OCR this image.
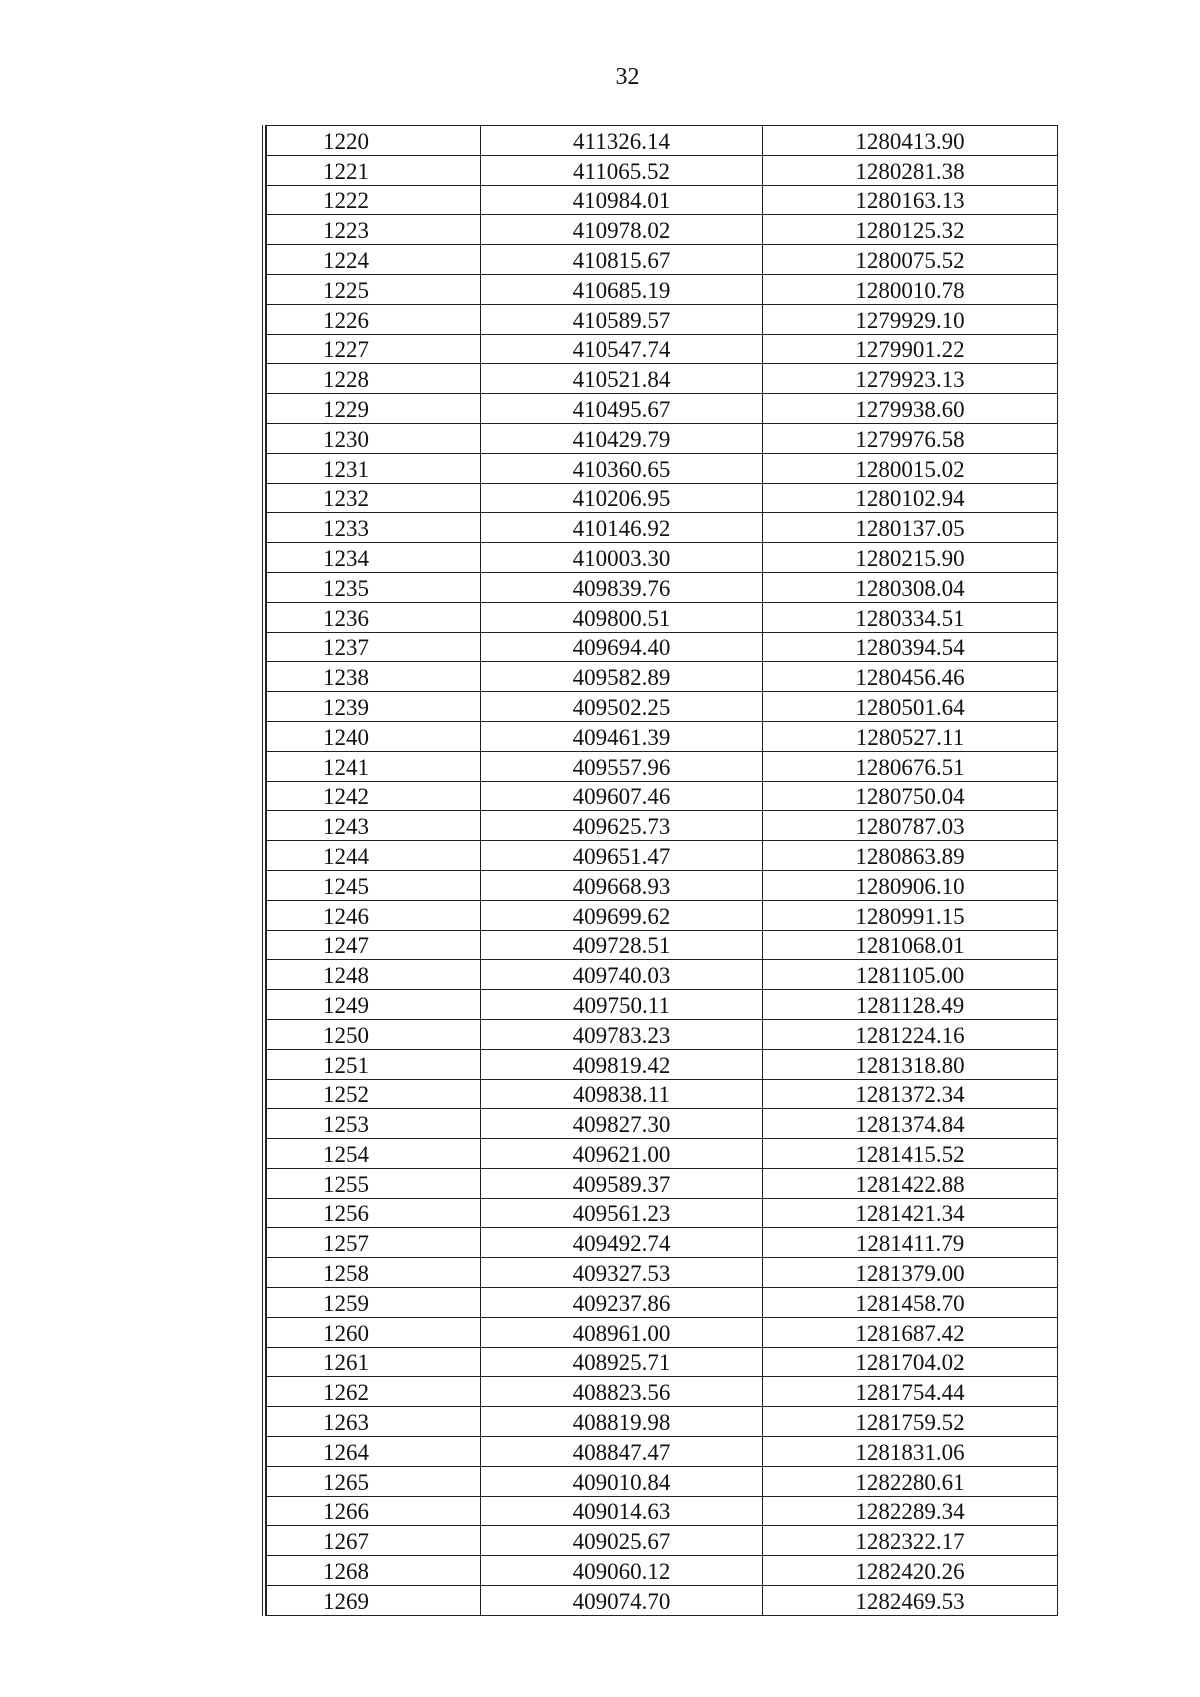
32
1220	411326.14	1280413.90
1221	411065.52	1280281.38
1222	410984.01	1280163.13
1223	410978.02	1280125.32
1224	410815.67	1280075.52
1225	410685.19	1280010.78
1226	410589.57	1279929.10
1227	410547.74	1279901.22
1228	410521.84	1279923.13
1229	410495.67	1279938.60
1230	410429.79	1279976.58
1231	410360.65	1280015.02
1232	410206.95	1280102.94
1233	410146.92	1280137.05
1234	410003.30	1280215.90
1235	409839.76	1280308.04
1236	409800.51	1280334.51
1237	409694.40	1280394.54
1238	409582.89	1280456.46
1239	409502.25	1280501.64
1240	409461.39	1280527.11
1241	409557.96	1280676.51
1242	409607.46	1280750.04
1243	409625.73	1280787.03
1244	409651.47	1280863.89
1245	409668.93	1280906.10
1246	409699.62	1280991.15
1247	409728.51	1281068.01
1248	409740.03	1281105.00
1249	409750.11	1281128.49
1250	409783.23	1281224.16
1251	409819.42	1281318.80
1252	409838.11	1281372.34
1253	409827.30	1281374.84
1254	409621.00	1281415.52
1255	409589.37	1281422.88
1256	409561.23	1281421.34
1257	409492.74	1281411.79
1258	409327.53	1281379.00
1259	409237.86	1281458.70
1260	408961.00	1281687.42
1261	408925.71	1281704.02
1262	408823.56	1281754.44
1263	408819.98	1281759.52
1264	408847.47	1281831.06
1265	409010.84	1282280.61
1266	409014.63	1282289.34
1267	409025.67	1282322.17
1268	409060.12	1282420.26
1269	409074.70	1282469.53
